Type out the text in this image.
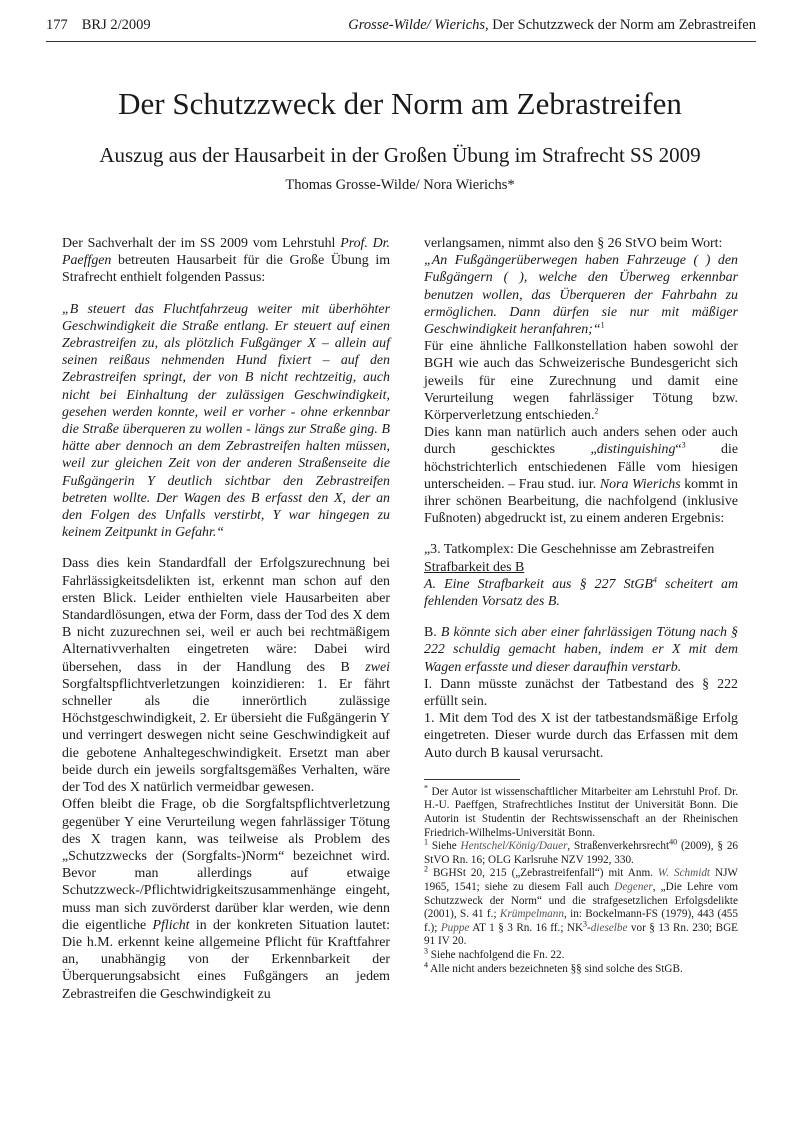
177 BRJ 2/2009	Grosse-Wilde/ Wierichs, Der Schutzzweck der Norm am Zebrastreifen
Der Schutzzweck der Norm am Zebrastreifen
Auszug aus der Hausarbeit in der Großen Übung im Strafrecht SS 2009
Thomas Grosse-Wilde/ Nora Wierichs*

Der Sachverhalt der im SS 2009 vom Lehrstuhl Prof. Dr. Paeffgen betreuten Hausarbeit für die Große Übung im Strafrecht enthielt folgenden Passus:

„B steuert das Fluchtfahrzeug weiter mit überhöhter Geschwindigkeit die Straße entlang. Er steuert auf einen Zebrastreifen zu, als plötzlich Fußgänger X – allein auf seinen reißaus nehmenden Hund fixiert – auf den Zebrastreifen springt, der von B nicht rechtzeitig, auch nicht bei Einhaltung der zulässigen Geschwindigkeit, gesehen werden konnte, weil er vorher - ohne erkennbar die Straße überqueren zu wollen - längs zur Straße ging. B hätte aber dennoch an dem Zebrastreifen halten müssen, weil zur gleichen Zeit von der anderen Straßenseite die Fußgängerin Y deutlich sichtbar den Zebrastreifen betreten wollte. Der Wagen des B erfasst den X, der an den Folgen des Unfalls verstirbt, Y war hingegen zu keinem Zeitpunkt in Gefahr.“

Dass dies kein Standardfall der Erfolgszurechnung bei Fahrlässigkeitsdelikten ist, erkennt man schon auf den ersten Blick. Leider enthielten viele Hausarbeiten aber Standardlösungen, etwa der Form, dass der Tod des X dem B nicht zuzurechnen sei, weil er auch bei rechtmäßigem Alternativverhalten eingetreten wäre: Dabei wird übersehen, dass in der Handlung des B zwei Sorgfaltspflichtverletzungen koinzidieren: 1. Er fährt schneller als die innerörtlich zulässige Höchstgeschwindigkeit, 2. Er übersieht die Fußgängerin Y und verringert deswegen nicht seine Geschwindigkeit auf die gebotene Anhaltegeschwindigkeit. Ersetzt man aber beide durch ein jeweils sorgfaltsgemäßes Verhalten, wäre der Tod des X natürlich vermeidbar gewesen.

Offen bleibt die Frage, ob die Sorgfaltspflichtverletzung gegenüber Y eine Verurteilung wegen fahrlässiger Tötung des X tragen kann, was teilweise als Problem des „Schutzzwecks der (Sorgfalts-)Norm“ bezeichnet wird. Bevor man allerdings auf etwaige Schutzzweck-/Pflichtwidrigkeitszusammenhänge eingeht, muss man sich zuvörderst darüber klar werden, wie denn die eigentliche Pflicht in der konkreten Situation lautet: Die h.M. erkennt keine allgemeine Pflicht für Kraftfahrer an, unabhängig von der Erkennbarkeit der Überquerungsabsicht eines Fußgängers an jedem Zebrastreifen die Geschwindigkeit zu

verlangsamen, nimmt also den § 26 StVO beim Wort:

„An Fußgängerüberwegen haben Fahrzeuge ( ) den Fußgängern ( ), welche den Überweg erkennbar benutzen wollen, das Überqueren der Fahrbahn zu ermöglichen. Dann dürfen sie nur mit mäßiger Geschwindigkeit heranfahren;“$^1$

Für eine ähnliche Fallkonstellation haben sowohl der BGH wie auch das Schweizerische Bundesgericht sich jeweils für eine Zurechnung und damit eine Verurteilung wegen fahrlässiger Tötung bzw. Körperverletzung entschieden.$^2$

Dies kann man natürlich auch anders sehen oder auch durch geschicktes „distinguishing“$^3$ die höchstrichterlich entschiedenen Fälle vom hiesigen unterscheiden. – Frau stud. iur. Nora Wierichs kommt in ihrer schönen Bearbeitung, die nachfolgend (inklusive Fußnoten) abgedruckt ist, zu einem anderen Ergebnis:

„3. Tatkomplex: Die Geschehnisse am Zebrastreifen

Strafbarkeit des B

A. Eine Strafbarkeit aus § 227 StGB$^4$ scheitert am fehlenden Vorsatz des B.

B. B könnte sich aber einer fahrlässigen Tötung nach § 222 schuldig gemacht haben, indem er X mit dem Wagen erfasste und dieser daraufhin verstarb.

I. Dann müsste zunächst der Tatbestand des § 222 erfüllt sein.

1. Mit dem Tod des X ist der tatbestandsmäßige Erfolg eingetreten. Dieser wurde durch das Erfassen mit dem Auto durch B kausal verursacht.

* Der Autor ist wissenschaftlicher Mitarbeiter am Lehrstuhl Prof. Dr. H.-U. Paeffgen, Strafrechtliches Institut der Universität Bonn. Die Autorin ist Studentin der Rechtswissenschaft an der Rheinischen Friedrich-Wilhelms-Universität Bonn.

$^1$ Siehe Hentschel/König/Dauer, Straßenverkehrsrecht$^{40}$ (2009), § 26 StVO Rn. 16; OLG Karlsruhe NZV 1992, 330.

$^2$ BGHSt 20, 215 („Zebrastreifenfall“) mit Anm. W. Schmidt NJW 1965, 1541; siehe zu diesem Fall auch Degener, „Die Lehre vom Schutzzweck der Norm“ und die strafgesetzlichen Erfolgsdelikte (2001), S. 41 f.; Krümpelmann, in: Bockelmann-FS (1979), 443 (455 f.); Puppe AT 1 § 3 Rn. 16 ff.; $NK^3$-dieselbe vor § 13 Rn. 230; BGE 91 IV 20.

$^3$ Siehe nachfolgend die Fn. 22.

$^4$ Alle nicht anders bezeichneten §§ sind solche des StGB.
